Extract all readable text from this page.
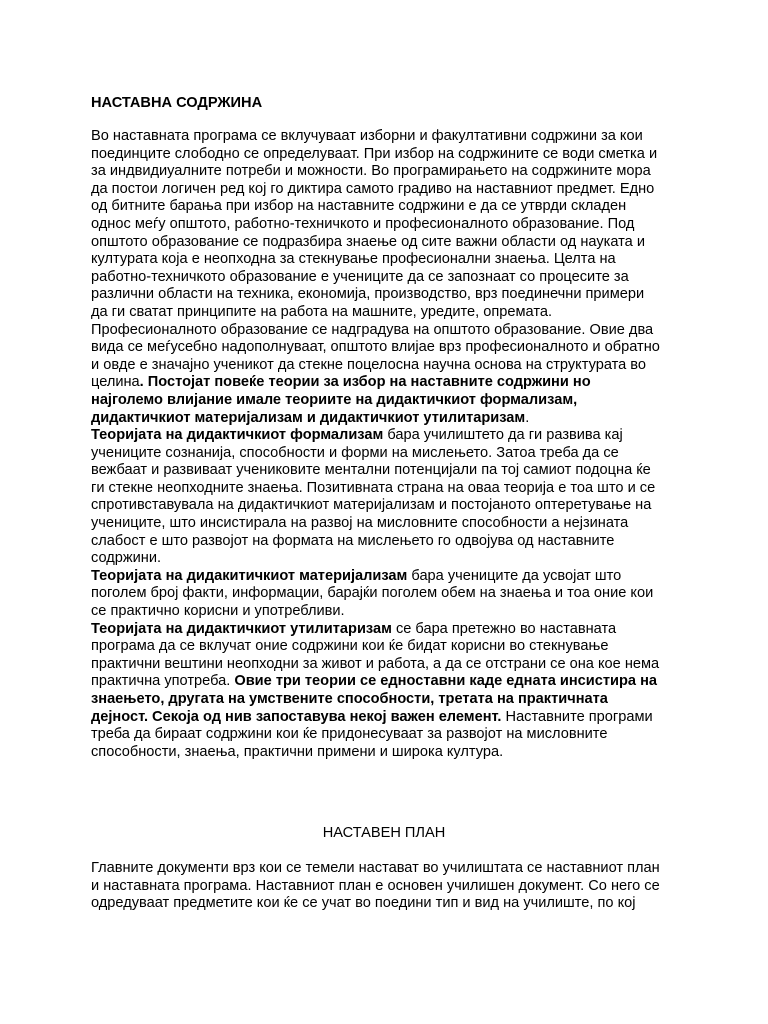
НАСТАВНА СОДРЖИНА
Во наставната програма се вклучуваат изборни и факултативни содржини за кои
поединците слободно се определуваат. При избор на содржините се води сметка и
за индвидиуалните потреби и можности. Во програмирањето на содржините мора
да постои логичен ред кој го диктира самото градиво на наставниот предмет. Едно
од битните барања при избор на наставните содржини е да се утврди складен
однос меѓу општото, работно-техничкото и професионалното образование. Под
општото образование се подразбира знаење од сите важни области од науката и
културата која е неопходна за стекнување професионални знаења. Целта на
работно-техничкото образование е учениците да се запознаат со процесите за
различни области на техника, економија, производство, врз поединечни примери
да ги сватат принципите на работа на машните, уредите, опремата.
Професионалното образование се надградува на општото образование. Овие два
вида се меѓусебно надополнуваат, општото влијае врз професионалното и обратно
и овде е значајно ученикот да стекне поцелосна научна основа на структурата во
целина. Постојат повеќе теории за избор на наставните содржини но
најголемо влијание имале теориите на дидактичкиот формализам,
дидактичкиот материјализам и дидактичкиот утилитаризам.
Теоријата на дидактичкиот формализам бара училиштето да ги развива кај
учениците сознанија, способности и форми на мислењето. Затоа треба да се
вежбаат и развиваат ученикoвите ментални потенцијали па тој самиот подоцна ќе
ги стекне неопходните знаења. Позитивната страна на оваа теорија е тоа што и се
спротивставувала на дидактичкиот материјализам и постојаното оптеретување на
учениците, што инсистирала на развој на мисловните способности а нејзината
слабост е што развојот на формата на мислењето го одвојува од наставните
содржини.
Теоријата на дидакитичкиот материјализам бара учениците да усвојат што
поголем број факти, информации, барајќи поголем обем на знаења и тоа оние кои
се практично корисни и употребливи.
Теоријата на дидактичкиот утилитаризам се бара претежно во наставната
програма да се вклучат оние содржини кои ќе бидат корисни во стекнување
практични вештини неопходни за живот и работа, а да се отстрани се она кое нема
практична употреба. Овие три теории се едноставни каде едната инсистира на
знаењето, другата на умствените способности, третата на практичната
дејност. Секоја од нив запоставува некој важен елемент. Наставните програми
треба да бираат содржини кои ќе придонесуваат за развојот на мисловните
способности, знаења, практични примени и широка култура.
НАСТАВЕН ПЛАН
Главните документи врз кои се темели настават во училиштата се наставниот план
и наставната програма. Наставниот план е основен училишен документ. Со него се
одредуваат предметите кои ќе се учат во поедини тип и вид на училиште, по кој
